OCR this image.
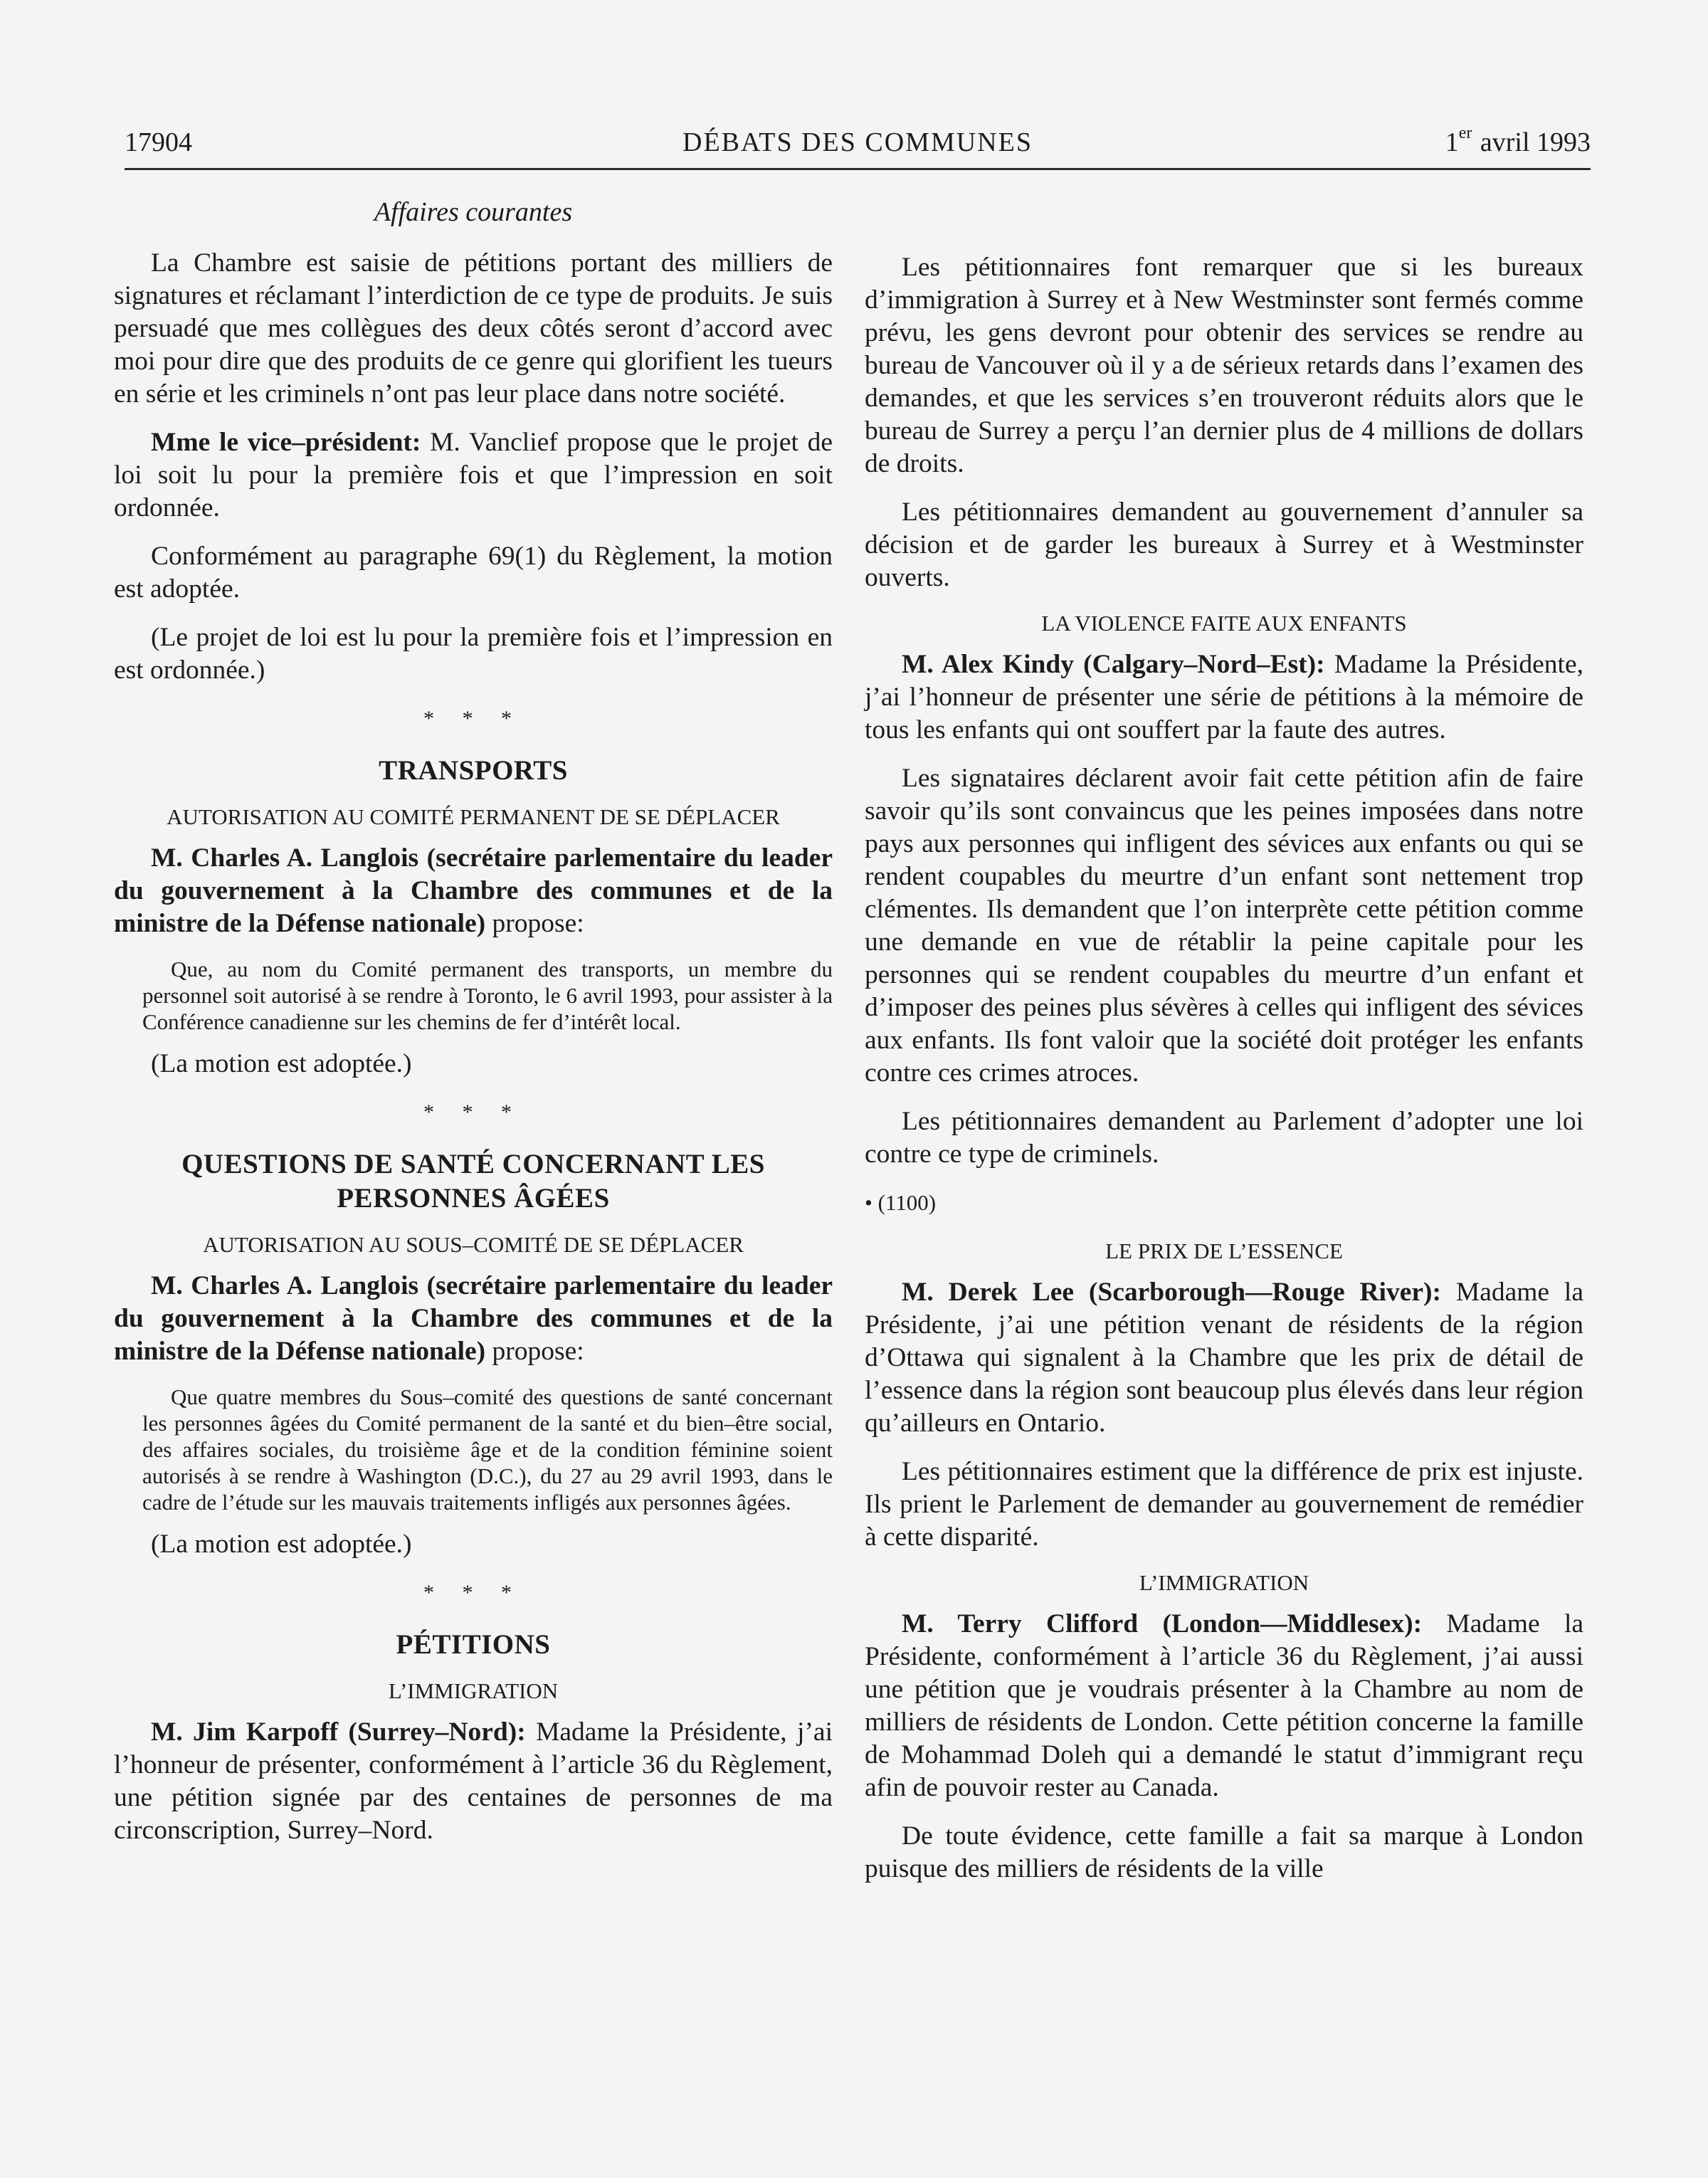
17904	DÉBATS DES COMMUNES	1er avril 1993
Affaires courantes

La Chambre est saisie de pétitions portant des milliers de signatures et réclamant l’interdiction de ce type de produits. Je suis persuadé que mes collègues des deux côtés seront d’accord avec moi pour dire que des produits de ce genre qui glorifient les tueurs en série et les criminels n’ont pas leur place dans notre société.

Mme le vice–président: M. Vanclief propose que le projet de loi soit lu pour la première fois et que l’impression en soit ordonnée.

Conformément au paragraphe 69(1) du Règlement, la motion est adoptée.

(Le projet de loi est lu pour la première fois et l’impression en est ordonnée.)

* * *
TRANSPORTS
AUTORISATION AU COMITÉ PERMANENT DE SE DÉPLACER

M. Charles A. Langlois (secrétaire parlementaire du leader du gouvernement à la Chambre des communes et de la ministre de la Défense nationale) propose:

Que, au nom du Comité permanent des transports, un membre du personnel soit autorisé à se rendre à Toronto, le 6 avril 1993, pour assister à la Conférence canadienne sur les chemins de fer d’intérêt local.

(La motion est adoptée.)

* * *
QUESTIONS DE SANTÉ CONCERNANT LES PERSONNES ÂGÉES
AUTORISATION AU SOUS–COMITÉ DE SE DÉPLACER

M. Charles A. Langlois (secrétaire parlementaire du leader du gouvernement à la Chambre des communes et de la ministre de la Défense nationale) propose:

Que quatre membres du Sous–comité des questions de santé concernant les personnes âgées du Comité permanent de la santé et du bien–être social, des affaires sociales, du troisième âge et de la condition féminine soient autorisés à se rendre à Washington (D.C.), du 27 au 29 avril 1993, dans le cadre de l’étude sur les mauvais traitements infligés aux personnes âgées.

(La motion est adoptée.)

* * *
PÉTITIONS
L’IMMIGRATION

M. Jim Karpoff (Surrey–Nord): Madame la Présidente, j’ai l’honneur de présenter, conformément à l’article 36 du Règlement, une pétition signée par des centaines de personnes de ma circonscription, Surrey–Nord.

Les pétitionnaires font remarquer que si les bureaux d’immigration à Surrey et à New Westminster sont fermés comme prévu, les gens devront pour obtenir des services se rendre au bureau de Vancouver où il y a de sérieux retards dans l’examen des demandes, et que les services s’en trouveront réduits alors que le bureau de Surrey a perçu l’an dernier plus de 4 millions de dollars de droits.

Les pétitionnaires demandent au gouvernement d’annuler sa décision et de garder les bureaux à Surrey et à Westminster ouverts.

LA VIOLENCE FAITE AUX ENFANTS

M. Alex Kindy (Calgary–Nord–Est): Madame la Présidente, j’ai l’honneur de présenter une série de pétitions à la mémoire de tous les enfants qui ont souffert par la faute des autres.

Les signataires déclarent avoir fait cette pétition afin de faire savoir qu’ils sont convaincus que les peines imposées dans notre pays aux personnes qui infligent des sévices aux enfants ou qui se rendent coupables du meurtre d’un enfant sont nettement trop clémentes. Ils demandent que l’on interprète cette pétition comme une demande en vue de rétablir la peine capitale pour les personnes qui se rendent coupables du meurtre d’un enfant et d’imposer des peines plus sévères à celles qui infligent des sévices aux enfants. Ils font valoir que la société doit protéger les enfants contre ces crimes atroces.

Les pétitionnaires demandent au Parlement d’adopter une loi contre ce type de criminels.

• (1100)
LE PRIX DE L’ESSENCE

M. Derek Lee (Scarborough—Rouge River): Madame la Présidente, j’ai une pétition venant de résidents de la région d’Ottawa qui signalent à la Chambre que les prix de détail de l’essence dans la région sont beaucoup plus élevés dans leur région qu’ailleurs en Ontario.

Les pétitionnaires estiment que la différence de prix est injuste. Ils prient le Parlement de demander au gouvernement de remédier à cette disparité.

L’IMMIGRATION

M. Terry Clifford (London—Middlesex): Madame la Présidente, conformément à l’article 36 du Règlement, j’ai aussi une pétition que je voudrais présenter à la Chambre au nom de milliers de résidents de London. Cette pétition concerne la famille de Mohammad Doleh qui a demandé le statut d’immigrant reçu afin de pouvoir rester au Canada.

De toute évidence, cette famille a fait sa marque à London puisque des milliers de résidents de la ville
